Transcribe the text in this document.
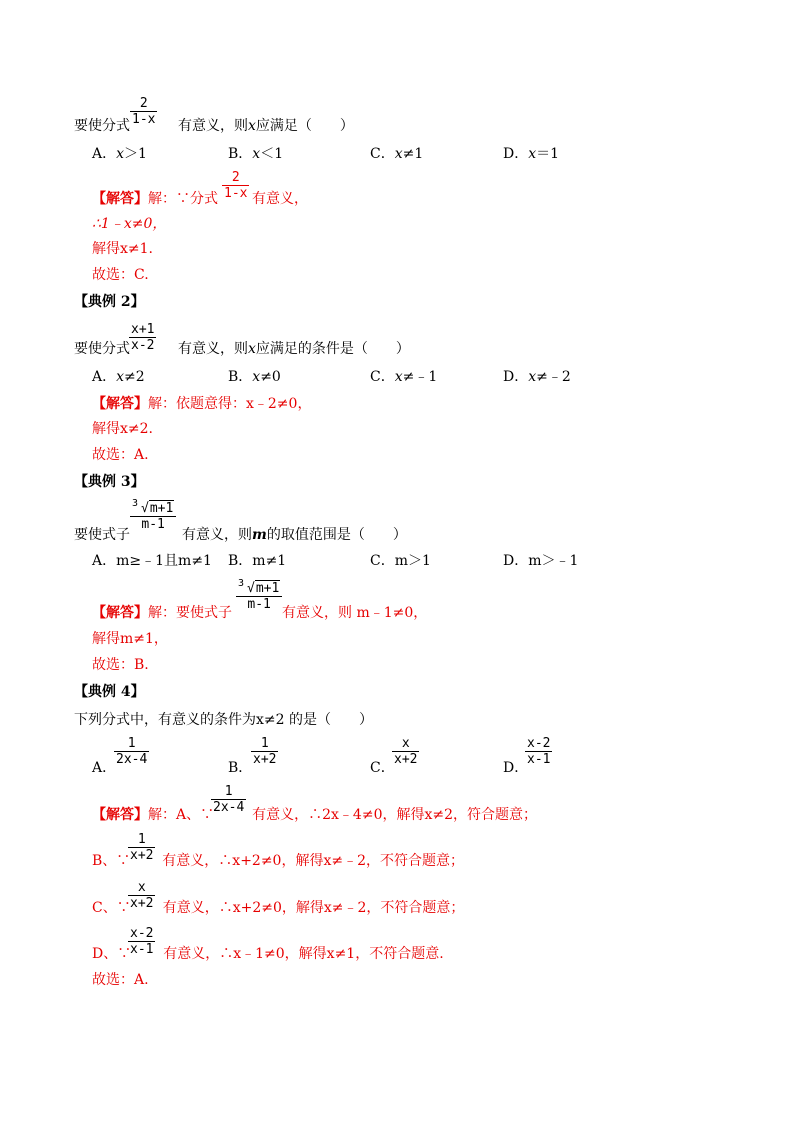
$\frac{2}{1-x}$
要使分式	有意义，则x应满足（　　）
A．x＞1	B．x＜1	C．x≠1	D．x＝1
$\frac{2}{1-x}$
【解答】解：∵分式 有意义，
∴1﹣x≠0，
解得x≠1.
故选：C.
【典例 2】
$\frac{x+1}{x-2}$
要使分式	有意义，则x应满足的条件是（　　）
A．x≠2	B．x≠0	C．x≠﹣1	D．x≠﹣2
【解答】解：依题意得：x﹣2≠0，
解得x≠2.
故选：A.
【典例 3】
$\frac{3 √m+1}{m-1}$
要使式子	有意义，则m的取值范围是（　　）
A．m≥﹣1且m≠1 B．m≠1	C．m＞1	D．m＞﹣1
$\frac{3 √m+1}{m-1}$
【解答】解：要使式子	有意义，则 m﹣1≠0，
解得m≠1，
故选：B.
【典例 4】
下列分式中，有意义的条件为x≠2 的是（　　）
A．
$\frac{1}{2x-4}$
B．
$\frac{1}{x+2}$
C．
$\frac{x}{x+2}$
D．
$\frac{x-2}{x-1}$
$\frac{1}{2x-4}$
【解答】解：A、∵	有意义，∴2x﹣4≠0，解得x≠2，符合题意；
$\frac{1}{x+2}$
B、∵ 有意义，∴x+2≠0，解得x≠﹣2，不符合题意；
$\frac{x}{x+2}$
C、∵ 有意义，∴x+2≠0，解得x≠﹣2，不符合题意；
$\frac{x-2}{x-1}$
D、∵ 有意义，∴x﹣1≠0，解得x≠1，不符合题意.
故选：A.
